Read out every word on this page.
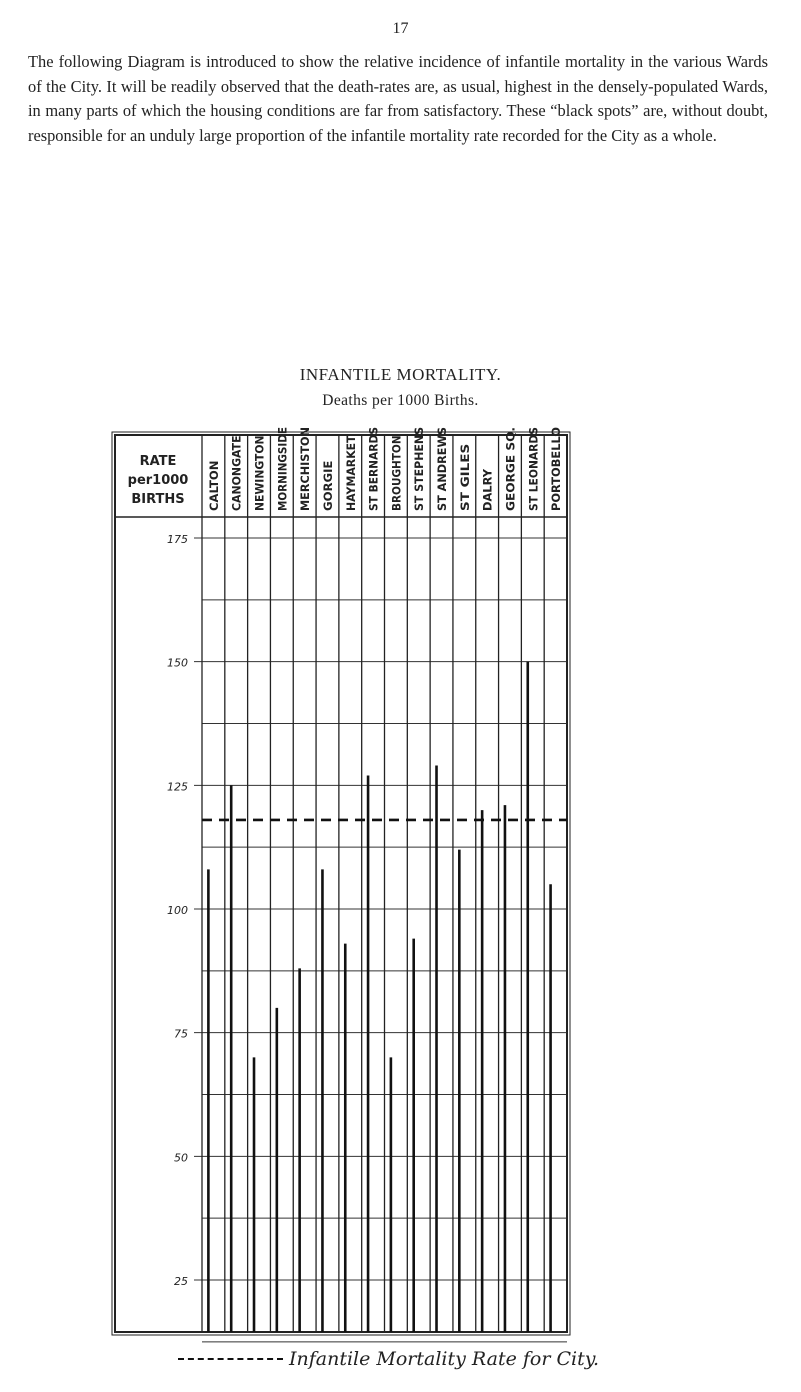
17
The following Diagram is introduced to show the relative incidence of infantile mortality in the various Wards of the City. It will be readily observed that the death-rates are, as usual, highest in the densely-populated Wards, in many parts of which the housing conditions are far from satisfactory. These “black spots” are, without doubt, responsible for an unduly large proportion of the infantile mortality rate recorded for the City as a whole.
INFANTILE MORTALITY.
Deaths per 1000 Births.
RATE
per1000
BIRTHS
175
150
125
100
75
50
25
CALTON CANONGATE NEWINGTON MORNINGSIDE MERCHISTON GORGIE HAYMARKET ST BERNARDS BROUGHTON ST STEPHENS ST ANDREWS ST GILES DALRY GEORGE SQ. ST LEONARDS PORTOBELLO
Infantile Mortality Rate for City.
